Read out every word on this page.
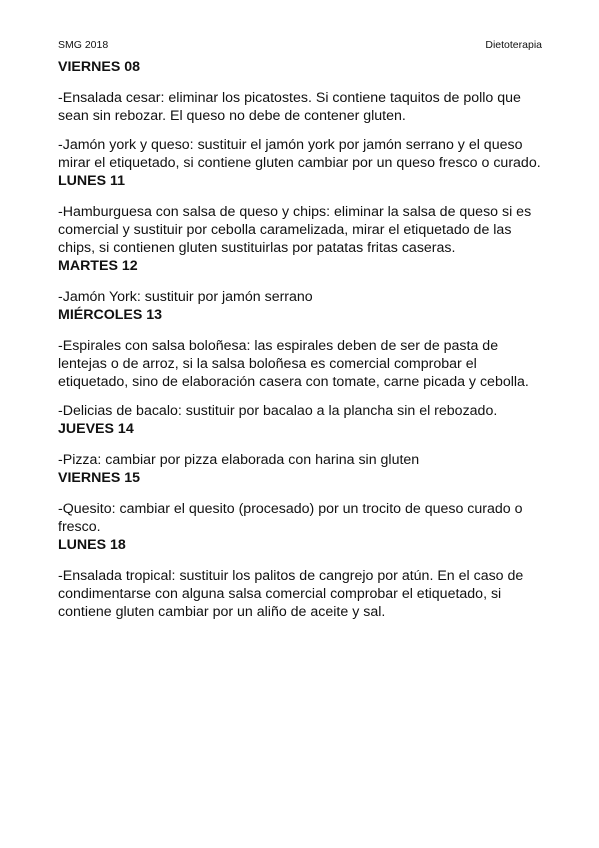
SMG 2018	Dietoterapia
VIERNES 08
-Ensalada cesar: eliminar los picatostes. Si contiene taquitos de pollo que sean sin rebozar. El queso no debe de contener gluten.
-Jamón york y queso: sustituir el jamón york por jamón serrano y el queso mirar el etiquetado, si contiene gluten cambiar por un queso fresco o curado.
LUNES 11
-Hamburguesa con salsa de queso y chips: eliminar la salsa de queso si es comercial y sustituir por cebolla caramelizada, mirar el etiquetado de las chips, si contienen gluten sustituirlas por patatas fritas caseras.
MARTES 12
-Jamón York: sustituir por jamón serrano
MIÉRCOLES 13
-Espirales con salsa boloñesa: las espirales deben de ser de pasta de lentejas o de arroz, si la salsa boloñesa es comercial comprobar el etiquetado, sino de elaboración casera con tomate, carne picada y cebolla.
-Delicias de bacalo: sustituir por bacalao a la plancha sin el rebozado.
JUEVES 14
-Pizza: cambiar por pizza elaborada con harina sin gluten
VIERNES 15
-Quesito: cambiar el quesito (procesado) por un trocito de queso curado o fresco.
LUNES 18
-Ensalada tropical: sustituir los palitos de cangrejo por atún. En el caso de condimentarse con alguna salsa comercial comprobar el etiquetado, si contiene gluten cambiar por un aliño de aceite y sal.
